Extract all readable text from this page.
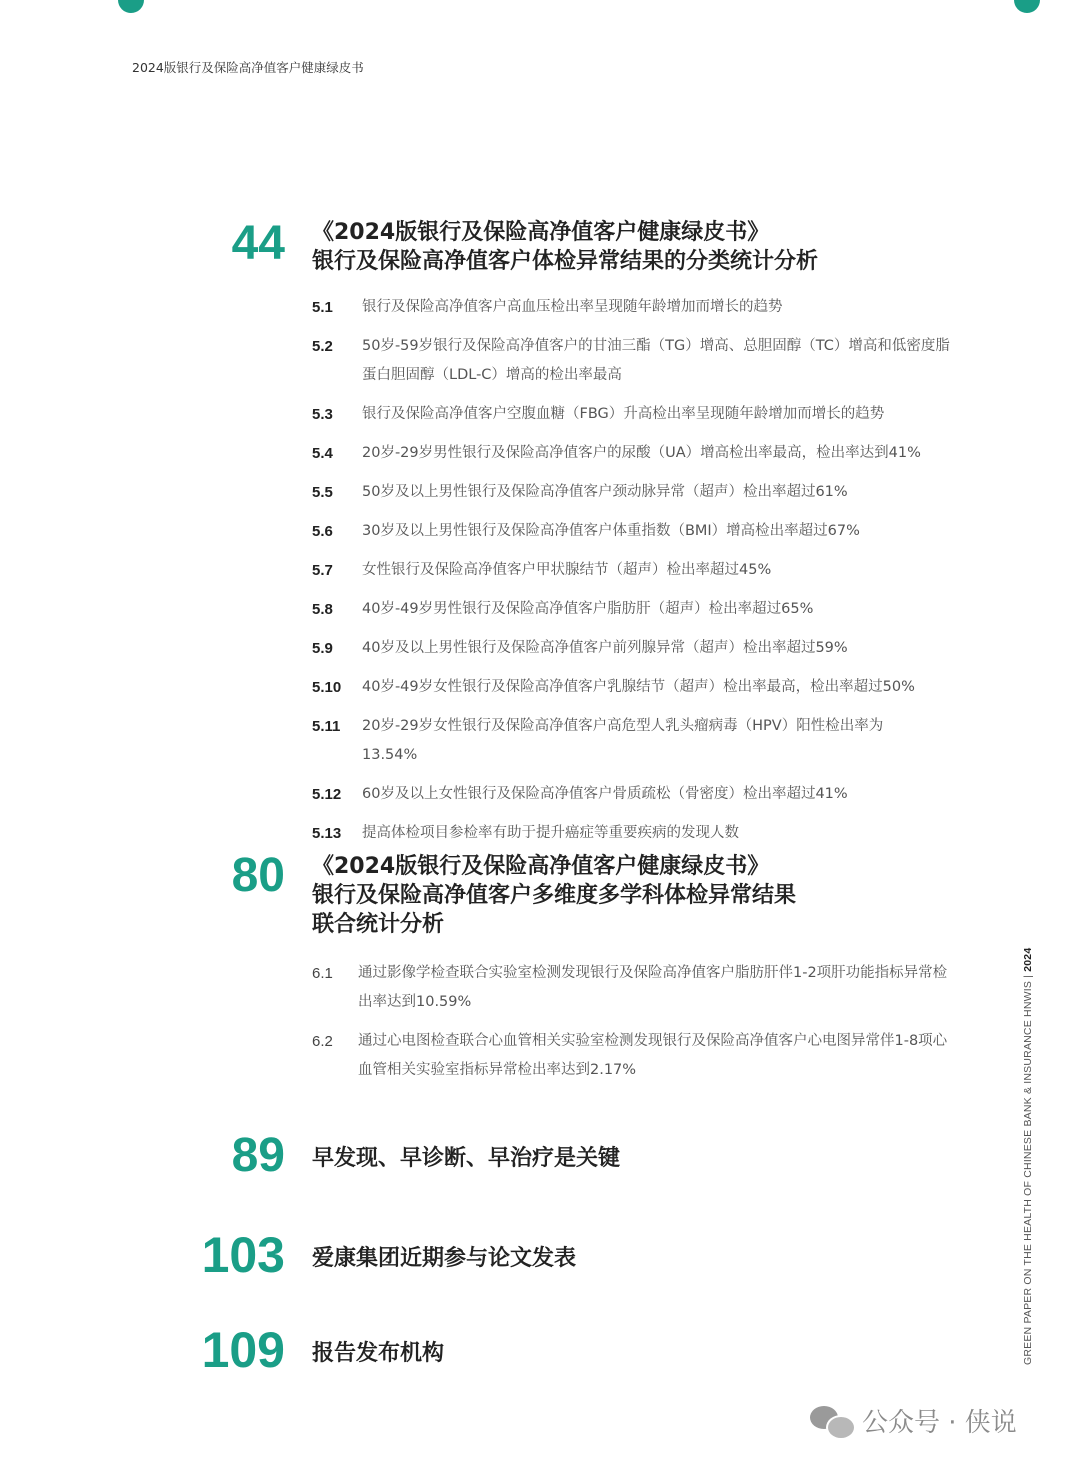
2024版银行及保险高净值客户健康绿皮书
44 《2024版银行及保险高净值客户健康绿皮书》
银行及保险高净值客户体检异常结果的分类统计分析
5.1 银行及保险高净值客户高血压检出率呈现随年龄增加而增长的趋势
5.2 50岁-59岁银行及保险高净值客户的甘油三酯（TG）增高、总胆固醇（TC）增高和低密度脂蛋白胆固醇（LDL-C）增高的检出率最高
5.3 银行及保险高净值客户空腹血糖（FBG）升高检出率呈现随年龄增加而增长的趋势
5.4 20岁-29岁男性银行及保险高净值客户的尿酸（UA）增高检出率最高，检出率达到41%
5.5 50岁及以上男性银行及保险高净值客户颈动脉异常（超声）检出率超过61%
5.6 30岁及以上男性银行及保险高净值客户体重指数（BMI）增高检出率超过67%
5.7 女性银行及保险高净值客户甲状腺结节（超声）检出率超过45%
5.8 40岁-49岁男性银行及保险高净值客户脂肪肝（超声）检出率超过65%
5.9 40岁及以上男性银行及保险高净值客户前列腺异常（超声）检出率超过59%
5.10 40岁-49岁女性银行及保险高净值客户乳腺结节（超声）检出率最高，检出率超过50%
5.11 20岁-29岁女性银行及保险高净值客户高危型人乳头瘤病毒（HPV）阳性检出率为13.54%
5.12 60岁及以上女性银行及保险高净值客户骨质疏松（骨密度）检出率超过41%
5.13 提高体检项目参检率有助于提升癌症等重要疾病的发现人数
80 《2024版银行及保险高净值客户健康绿皮书》
银行及保险高净值客户多维度多学科体检异常结果
联合统计分析
6.1 通过影像学检查联合实验室检测发现银行及保险高净值客户脂肪肝伴1-2项肝功能指标异常检出率达到10.59%
6.2 通过心电图检查联合心血管相关实验室检测发现银行及保险高净值客户心电图异常伴1-8项心血管相关实验室指标异常检出率达到2.17%
89 早发现、早诊断、早治疗是关键
103 爱康集团近期参与论文发表
109 报告发布机构	GREEN PAPER ON THE HEALTH OF CHINESE BANK & INSURANCE HNWIS | 2024
公众号 · 侠说
